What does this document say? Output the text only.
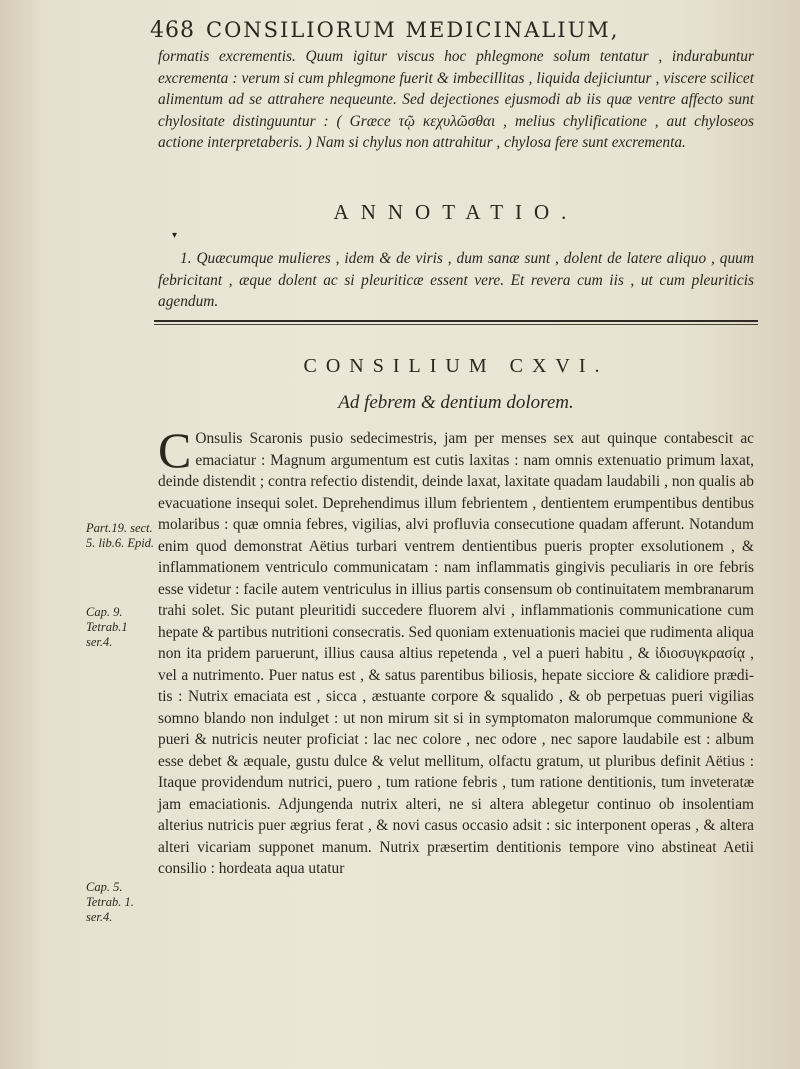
468 CONSILIORUM MEDICINALIUM,
formatis excrementis. Quum igitur viscus hoc phlegmone solum tentatur , indurabuntur excrementa : verum si cum phlegmone fuerit & imbecillitas , liquida dejiciuntur , viscere scilicet alimentum ad se attrahere nequeunte. Sed dejectiones ejusmodi ab iis quæ ventre affecto sunt chylositate distinguuntur : ( Græce τῷ κεχυλῶσθαι , melius chylificatione , aut chylosеos actione interpretaberis. ) Nam si chylus non attrahitur , chylosa fere sunt excrementa.
ANNOTATIO.
▾
1. Quæcumque mulieres , idem & de viris , dum sanæ sunt , dolent de latere aliquo , quum febricitant , æque dolent ac si pleuriticæ essent vere. Et revera cum iis , ut cum pleuriticis agendum.
CONSILIUM CXVI.
Ad febrem & dentium dolorem.
C Onsulis Scaronis pusio sedecimestris, jam per menses sex aut quinque contabescit ac emaciatur : Magnum argumentum est cutis laxitas : nam omnis extenuatio primum laxat, deinde distendit ; contra refectio distendit, deinde laxat, laxitate quadam laudabili , non qualis ab evacuatione insequi solet. Deprehendimus illum febrientem , dentientem erumpentibus dentibus molaribus : quæ omnia febres, vigilias, alvi profluvia consecutione quadam afferunt. Notandum enim quod demonstrat Aëtius turbari ventrem dentientibus pueris propter exsolutionem , & inflammationem ventriculo communicatam : nam inflammatis gingivis peculiaris in ore febris esse videtur : facile autem ventriculus in illius partis consensum ob continuitatem membranarum trahi solet. Sic putant pleuritidi succedere fluorem alvi , inflammationis communicatione cum hepate & partibus nutritioni consecratis. Sed quoniam extenuationis maciei que rudimenta aliqua non ita pridem paruerunt, illius causa altius repetenda , vel a pueri habitu , & ἰδιοσυγκρασίᾳ , vel a nutrimento. Puer natus est , & satus parentibus biliosis, hepate sicciore & calidiore prædi-tis : Nutrix emaciata est , sicca , æstuante corpore & squalido , & ob perpetuas pueri vigilias somno blando non indulget : ut non mirum sit si in symptomaton malorumque communione & pueri & nutricis neuter proficiat : lac nec colore , nec odore , nec sapore laudabile est : album esse debet & æquale, gustu dulce & velut mellitum, olfactu gratum, ut pluribus definit Aëtius : Itaque providendum nutrici, puero , tum ratione febris , tum ratione dentitionis, tum inveteratæ jam emaciationis. Adjungenda nutrix alteri, ne si altera ablegetur continuo ob insolentiam alterius nutricis puer ægrius ferat , & novi casus occasio adsit : sic interponent operas , & altera alteri vicariam supponet manum. Nutrix præsertim dentitionis tempore vino abstineat Aetii consilio : hordeata aqua utatur
Part.19. sect. 5. lib.6. Epid.
Cap. 9. Tetrab.1 ser.4.
Cap. 5. Tetrab. 1. ser.4.
